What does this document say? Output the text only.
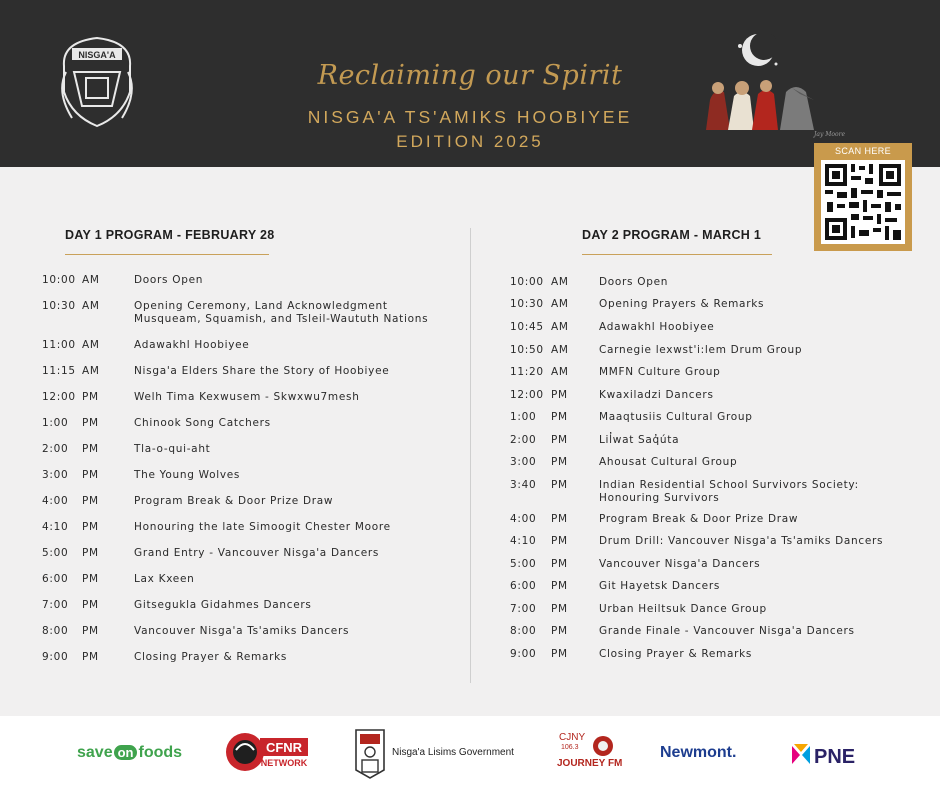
NISGA'A
Reclaiming our Spirit
NISGA'A TS'AMIKS HOOBIYEE
EDITION 2025	Jay Moore
SCAN HERE
DAY 1 PROGRAM - FEBRUARY 28
10:00 AM	Doors Open
10:30 AM	Opening Ceremony, Land Acknowledgment
Musqueam, Squamish, and Tsleil-Waututh Nations
11:00 AM	Adawakhl Hoobiyee
11:15 AM	Nisga'a Elders Share the Story of Hoobiyee
12:00 PM	Welh Tima Kexwusem - Skwxwu7mesh
1:00 PM	Chinook Song Catchers
2:00 PM	Tla-o-qui-aht
3:00 PM	The Young Wolves
4:00 PM	Program Break & Door Prize Draw
4:10 PM	Honouring the late Simoogit Chester Moore
5:00 PM	Grand Entry - Vancouver Nisga'a Dancers
6:00 PM	Lax Kxeen
7:00 PM	Gitsegukla Gidahmes Dancers
8:00 PM	Vancouver Nisga'a Ts'amiks Dancers
9:00 PM	Closing Prayer & Remarks
DAY 2 PROGRAM - MARCH 1
10:00 AM	Doors Open
10:30 AM	Opening Prayers & Remarks
10:45 AM	Adawakhl Hoobiyee
10:50 AM	Carnegie lexwst'i:lem Drum Group
11:20 AM	MMFN Culture Group
12:00 PM	Kwaxiladzi Dancers
1:00 PM	Maaqtusiis Cultural Group
2:00 PM	Lil̓wat Saq̓úta
3:00 PM	Ahousat Cultural Group
3:40 PM	Indian Residential School Survivors Society:
Honouring Survivors
4:00 PM	Program Break & Door Prize Draw
4:10 PM	Drum Drill: Vancouver Nisga'a Ts'amiks Dancers
5:00 PM	Vancouver Nisga'a Dancers
6:00 PM	Git Hayetsk Dancers
7:00 PM	Urban Heiltsuk Dance Group
8:00 PM	Grande Finale - Vancouver Nisga'a Dancers
9:00 PM	Closing Prayer & Remarks
save on foods	CFNR
NETWORK
Nisga'a Lisims Government
CJNY
106.3
JOURNEY FM
Newmont.	PNE
